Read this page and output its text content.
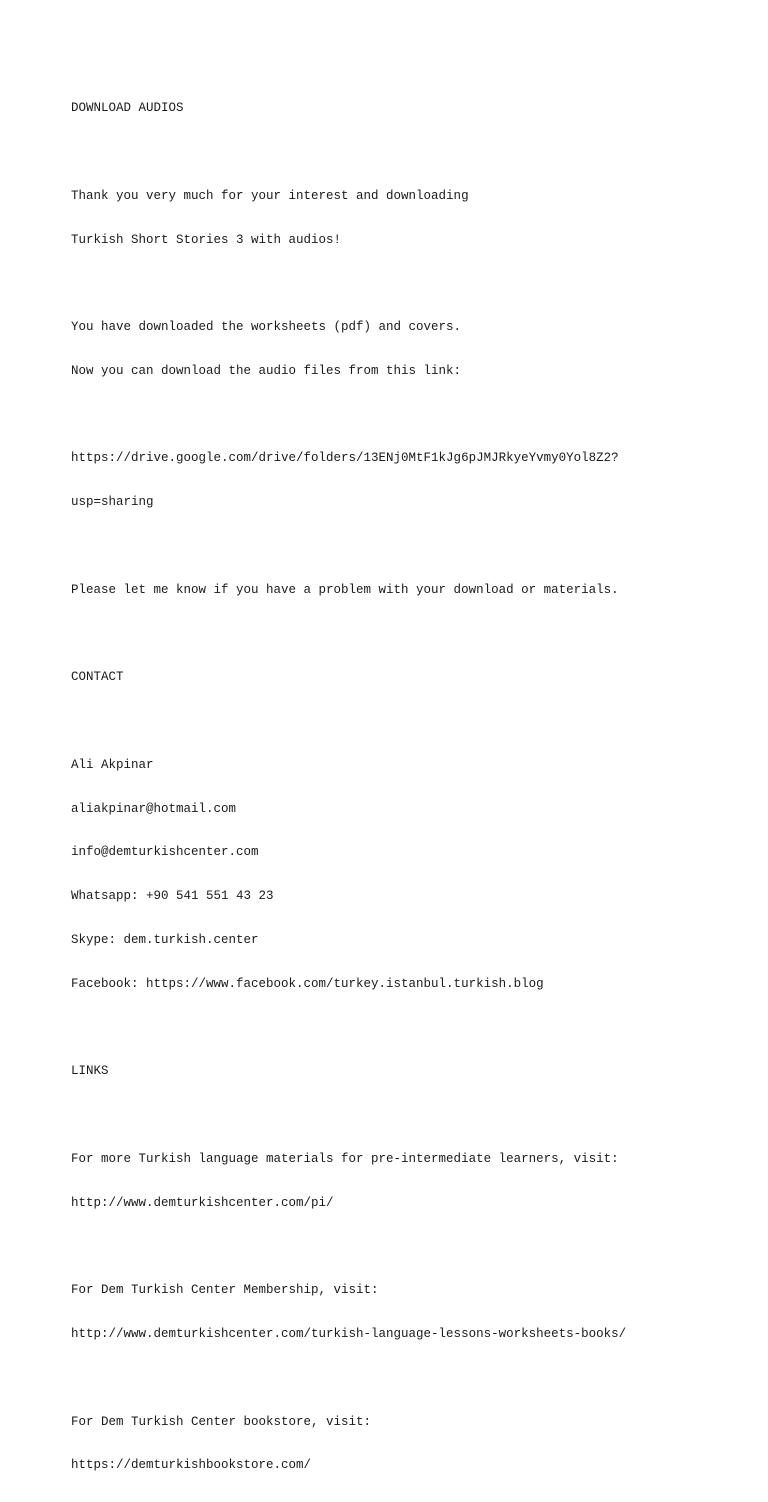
DOWNLOAD AUDIOS

Thank you very much for your interest and downloading

Turkish Short Stories 3 with audios!

You have downloaded the worksheets (pdf) and covers.

Now you can download the audio files from this link:

https://drive.google.com/drive/folders/13ENj0MtF1kJg6pJMJRkyeYvmy0Yol8Z2?

usp=sharing

Please let me know if you have a problem with your download or materials.

CONTACT

Ali Akpinar

aliakpinar@hotmail.com

info@demturkishcenter.com

Whatsapp: +90 541 551 43 23

Skype: dem.turkish.center

Facebook: https://www.facebook.com/turkey.istanbul.turkish.blog

LINKS

For more Turkish language materials for pre-intermediate learners, visit:

http://www.demturkishcenter.com/pi/

For Dem Turkish Center Membership, visit:

http://www.demturkishcenter.com/turkish-language-lessons-worksheets-books/

For Dem Turkish Center bookstore, visit:

https://demturkishbookstore.com/
